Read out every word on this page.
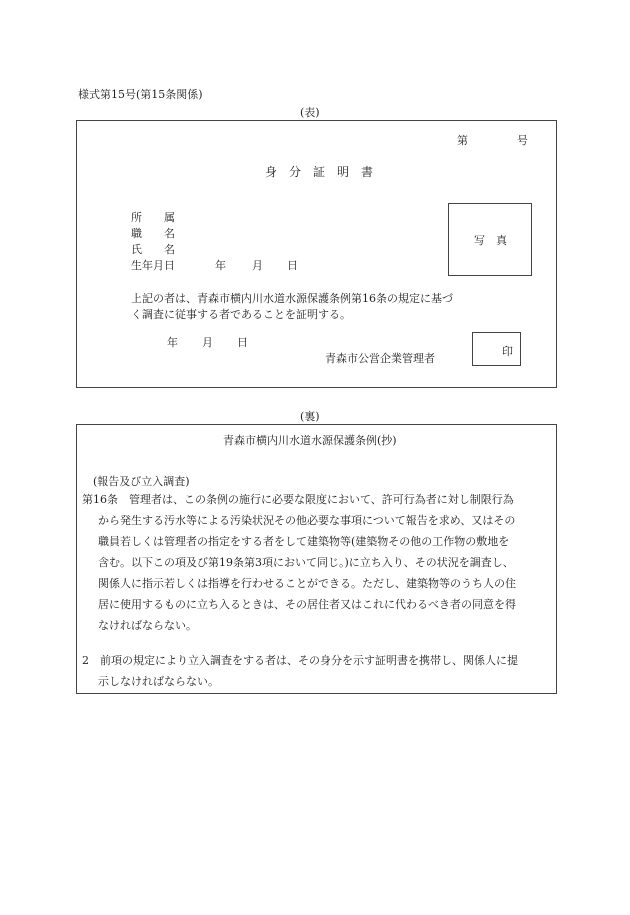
様式第15号(第15条関係)
(表)
第	号
身分証明書
所　　属
職　　名
氏　　名
生年月日	年 月 日
写　真
上記の者は、青森市横内川水道水源保護条例第16条の規定に基づ
く調査に従事する者であることを証明する。
年 月 日
青森市公営企業管理者
印
(裏)
青森市横内川水道水源保護条例(抄)
(報告及び立入調査)
第16条　管理者は、この条例の施行に必要な限度において、許可行為者に対し制限行為
から発生する汚水等による汚染状況その他必要な事項について報告を求め、又はその
職員若しくは管理者の指定をする者をして建築物等(建築物その他の工作物の敷地を
含む。以下この項及び第19条第3項において同じ。)に立ち入り、その状況を調査し、
関係人に指示若しくは指導を行わせることができる。ただし、建築物等のうち人の住
居に使用するものに立ち入るときは、その居住者又はこれに代わるべき者の同意を得
なければならない。
2　前項の規定により立入調査をする者は、その身分を示す証明書を携帯し、関係人に提
示しなければならない。
